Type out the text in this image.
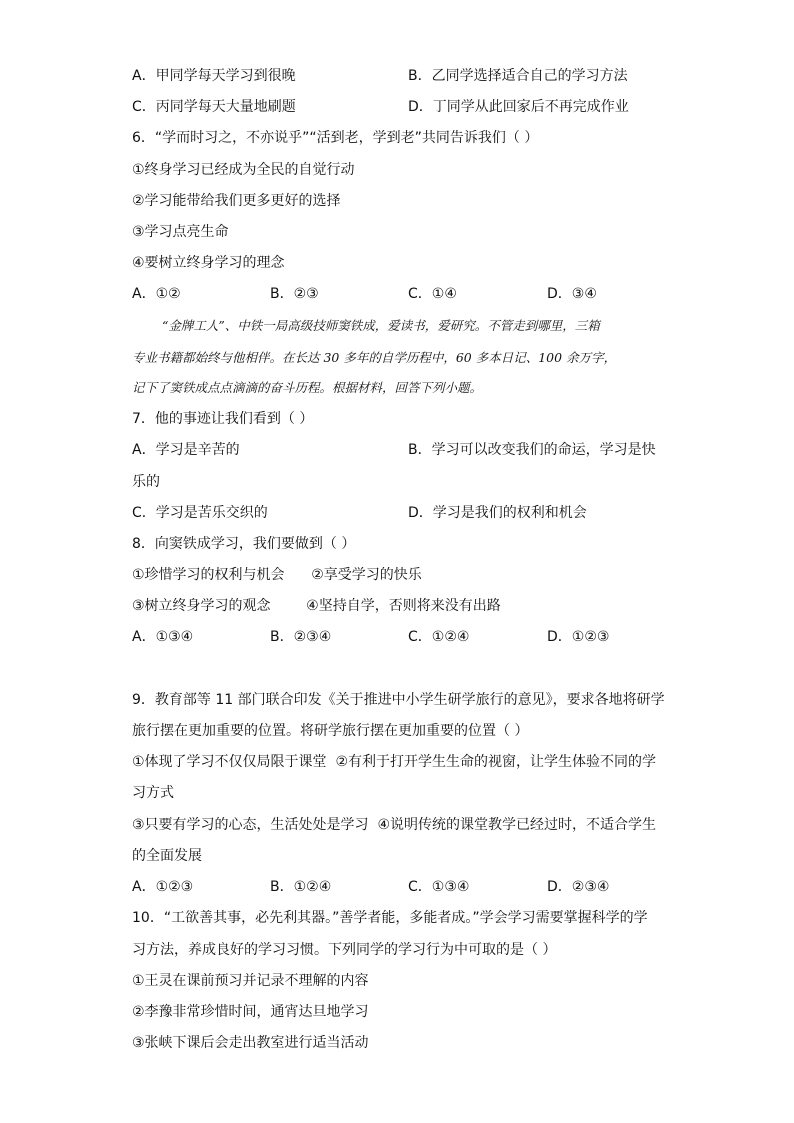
A．甲同学每天学习到很晚	B．乙同学选择适合自己的学习方法
C．丙同学每天大量地刷题	D．丁同学从此回家后不再完成作业
6．“学而时习之，不亦说乎”“活到老，学到老”共同告诉我们（ ）
①终身学习已经成为全民的自觉行动
②学习能带给我们更多更好的选择
③学习点亮生命
④要树立终身学习的理念
A．①②	B．②③	C．①④	D．③④
“金牌工人”、中铁一局高级技师窦铁成，爱读书，爱研究。不管走到哪里，三箱
专业书籍都始终与他相伴。在长达 30 多年的自学历程中，60 多本日记、100 余万字，
记下了窦铁成点点滴滴的奋斗历程。根据材料，回答下列小题。
7．他的事迹让我们看到（ ）
A．学习是辛苦的	B．学习可以改变我们的命运，学习是快
乐的
C．学习是苦乐交织的	D．学习是我们的权利和机会
8．向窦铁成学习，我们要做到（ ）
①珍惜学习的权利与机会      ②享受学习的快乐
③树立终身学习的观念        ④坚持自学，否则将来没有出路
A．①③④	B．②③④	C．①②④	D．①②③
9．教育部等 11 部门联合印发《关于推进中小学生研学旅行的意见》，要求各地将研学
旅行摆在更加重要的位置。将研学旅行摆在更加重要的位置（ ）
①体现了学习不仅仅局限于课堂  ②有利于打开学生生命的视窗，让学生体验不同的学
习方式
③只要有学习的心态，生活处处是学习  ④说明传统的课堂教学已经过时，不适合学生
的全面发展
A．①②③	B．①②④	C．①③④	D．②③④
10．“工欲善其事，必先利其器。”善学者能，多能者成。”学会学习需要掌握科学的学
习方法，养成良好的学习习惯。下列同学的学习行为中可取的是（ ）
①王灵在课前预习并记录不理解的内容
②李豫非常珍惜时间，通宵达旦地学习
③张峡下课后会走出教室进行适当活动
